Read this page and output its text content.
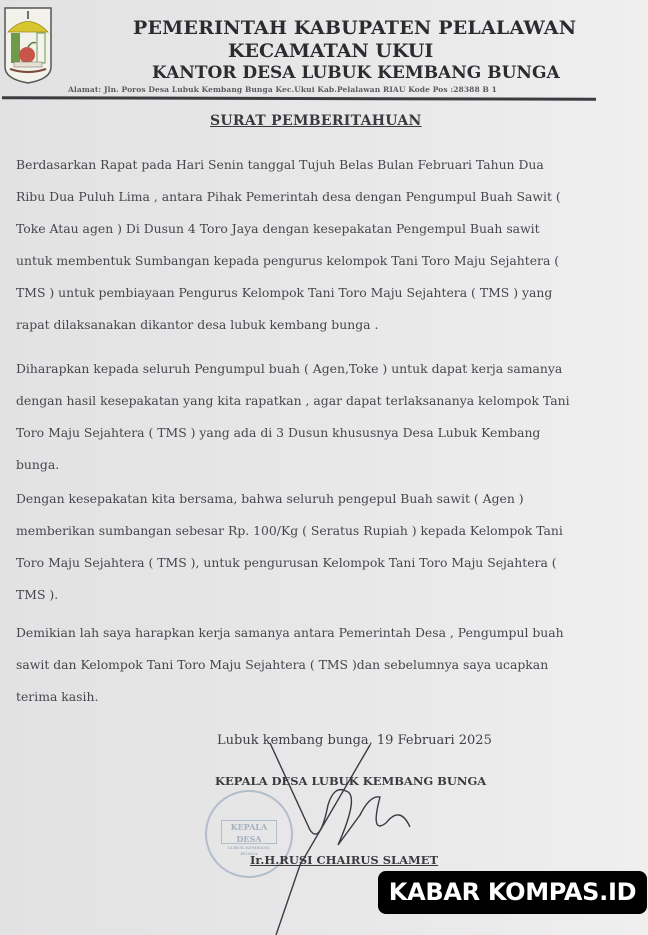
PEMERINTAH KABUPATEN PELALAWAN
KECAMATAN UKUI
KANTOR DESA LUBUK KEMBANG BUNGA
Alamat: Jln. Poros Desa Lubuk Kembang Bunga Kec.Ukui Kab.Pelalawan RIAU Kode Pos :28388 B 1
SURAT PEMBERITAHUAN
Berdasarkan Rapat pada Hari Senin tanggal Tujuh Belas Bulan Februari Tahun Dua
Ribu Dua Puluh Lima , antara Pihak Pemerintah desa dengan Pengumpul Buah Sawit (
Toke Atau agen ) Di Dusun 4 Toro Jaya dengan kesepakatan Pengempul Buah sawit
untuk membentuk Sumbangan kepada pengurus kelompok Tani Toro Maju Sejahtera (
TMS ) untuk pembiayaan Pengurus Kelompok Tani Toro Maju Sejahtera ( TMS ) yang
rapat dilaksanakan dikantor desa lubuk kembang bunga .
Diharapkan kepada seluruh Pengumpul buah ( Agen,Toke ) untuk dapat kerja samanya
dengan hasil kesepakatan yang kita rapatkan , agar dapat terlaksananya kelompok Tani
Toro Maju Sejahtera ( TMS ) yang ada di 3 Dusun khususnya Desa Lubuk Kembang
bunga.
Dengan kesepakatan kita bersama, bahwa seluruh pengepul Buah sawit ( Agen )
memberikan sumbangan sebesar Rp. 100/Kg ( Seratus Rupiah ) kepada Kelompok Tani
Toro Maju Sejahtera ( TMS ), untuk pengurusan Kelompok Tani Toro Maju Sejahtera (
TMS ).
Demikian lah saya harapkan kerja samanya antara Pemerintah Desa , Pengumpul buah
sawit dan Kelompok Tani Toro Maju Sejahtera ( TMS )dan sebelumnya saya ucapkan
terima kasih.
Lubuk kembang bunga, 19 Februari 2025
KEPALA DESA LUBUK KEMBANG BUNGA
KEPALA DESA
LUBUK KEMBANG BUNGA
Ir.H.RUSI CHAIRUS SLAMET
KABAR KOMPAS.ID
